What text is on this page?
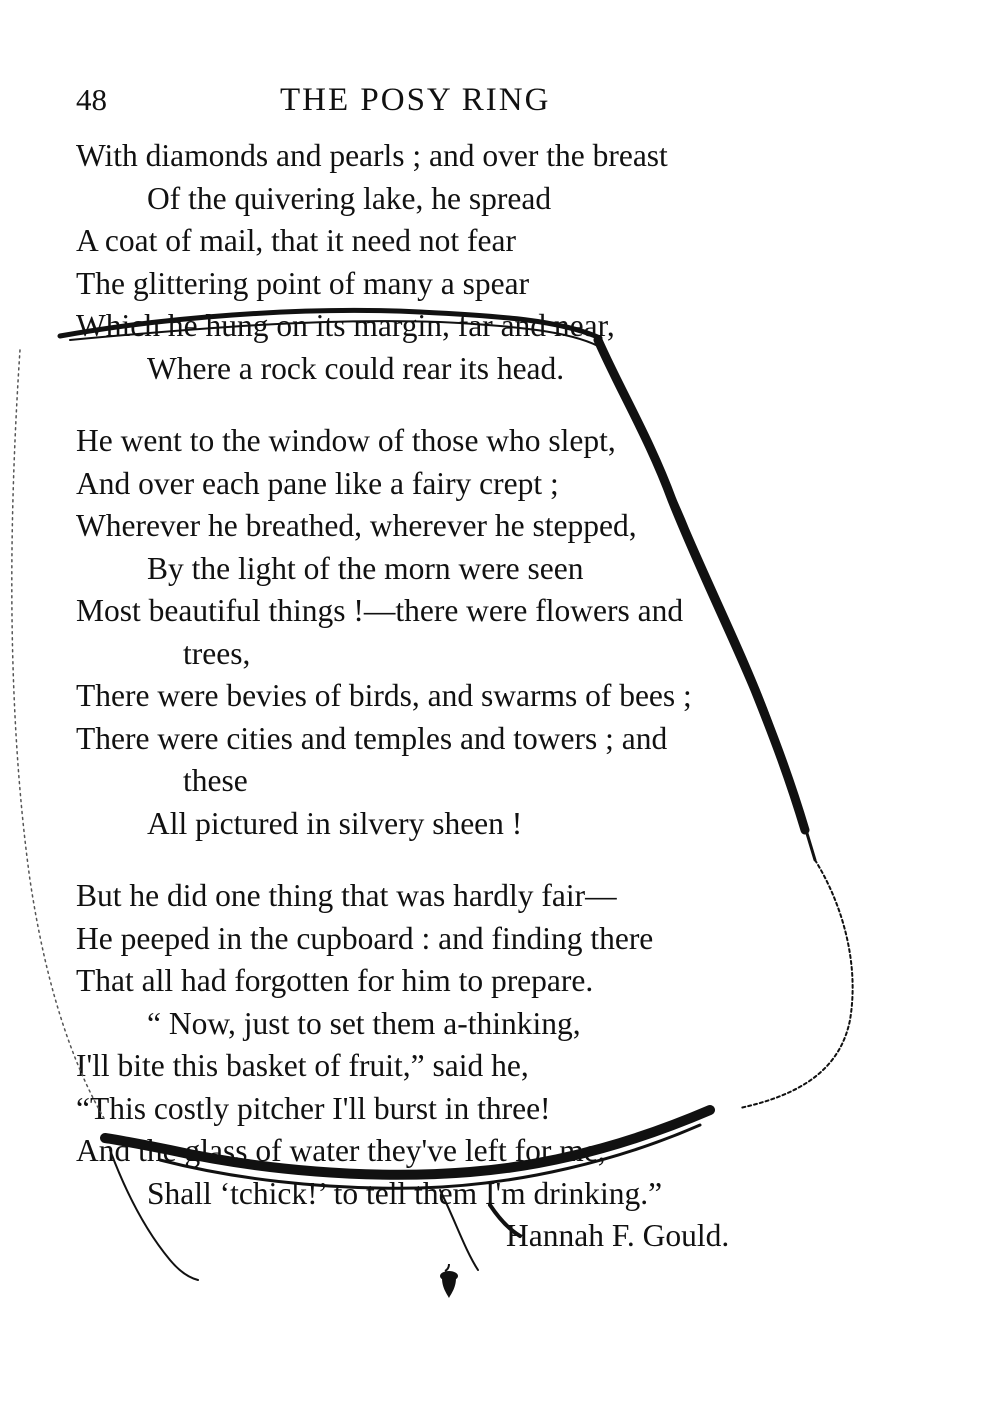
48	THE POSY RING
With diamonds and pearls ; and over the breast
Of the quivering lake, he spread
A coat of mail, that it need not fear
The glittering point of many a spear
Which he hung on its margin, far and near,
Where a rock could rear its head.
He went to the window of those who slept,
And over each pane like a fairy crept ;
Wherever he breathed, wherever he stepped,
By the light of the morn were seen
Most beautiful things !—there were flowers and
trees,
There were bevies of birds, and swarms of bees ;
There were cities and temples and towers ; and
these
All pictured in silvery sheen !
But he did one thing that was hardly fair—
He peeped in the cupboard : and finding there
That all had forgotten for him to prepare.
“ Now, just to set them a-thinking,
I'll bite this basket of fruit,” said he,
“This costly pitcher I'll burst in three!
And the glass of water they've left for me,
Shall ‘tchick!’ to tell them I'm drinking.”
Hannah F. Gould.
